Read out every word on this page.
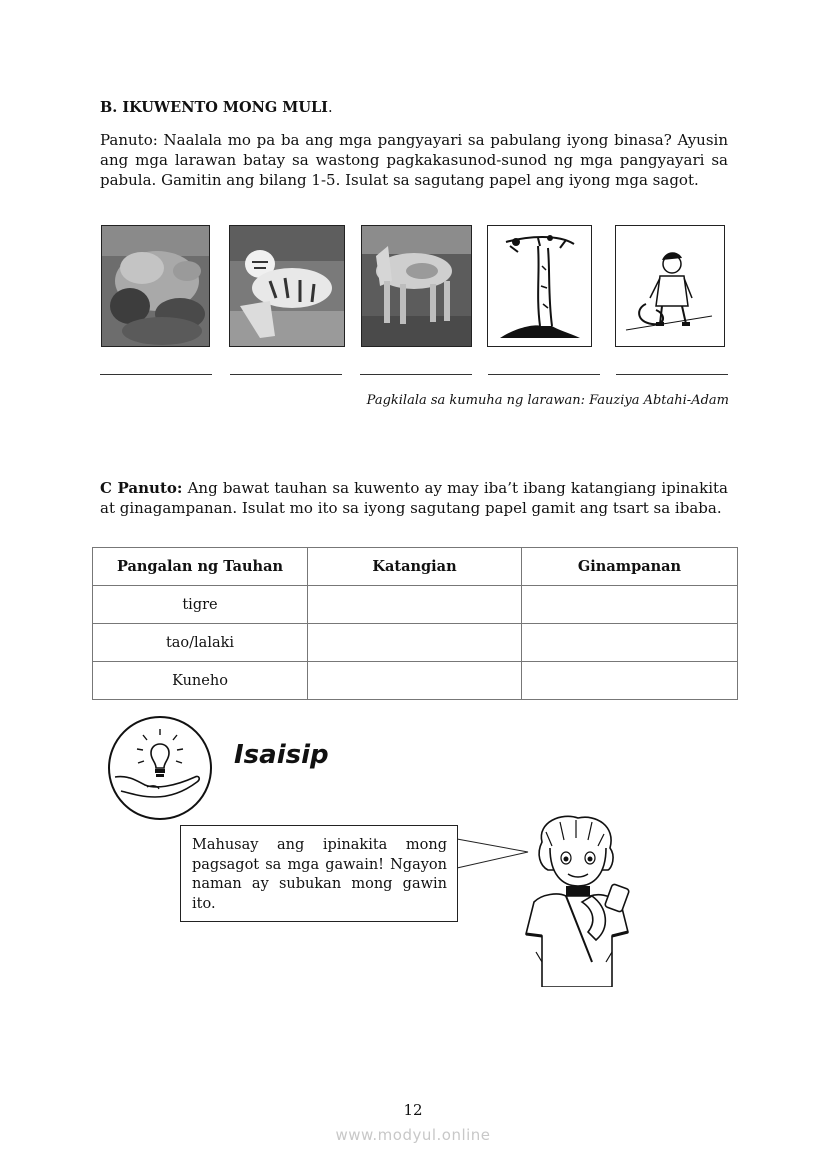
B. IKUWENTO MONG MULI.

Panuto: Naalala mo pa ba ang mga pangyayari sa pabulang iyong binasa? Ayusin ang mga larawan batay sa wastong pagkakasunod-sunod ng mga pangyayari sa pabula. Gamitin ang bilang 1-5. Isulat sa sagutang papel ang iyong mga sagot.

Pagkilala sa kumuha ng larawan: Fauziya Abtahi-Adam

C Panuto: Ang bawat tauhan sa kuwento ay may iba’t ibang katangiang ipinakita at ginagampanan. Isulat mo ito sa iyong sagutang papel gamit ang tsart sa ibaba.

Pangalan ng Tauhan	Katangian	Ginampanan
tigre		
tao/lalaki		
Kuneho		
Isaisip

Mahusay ang ipinakita mong pagsagot sa mga gawain! Ngayon naman ay subukan mong gawin ito.

12
www.modyul.online
